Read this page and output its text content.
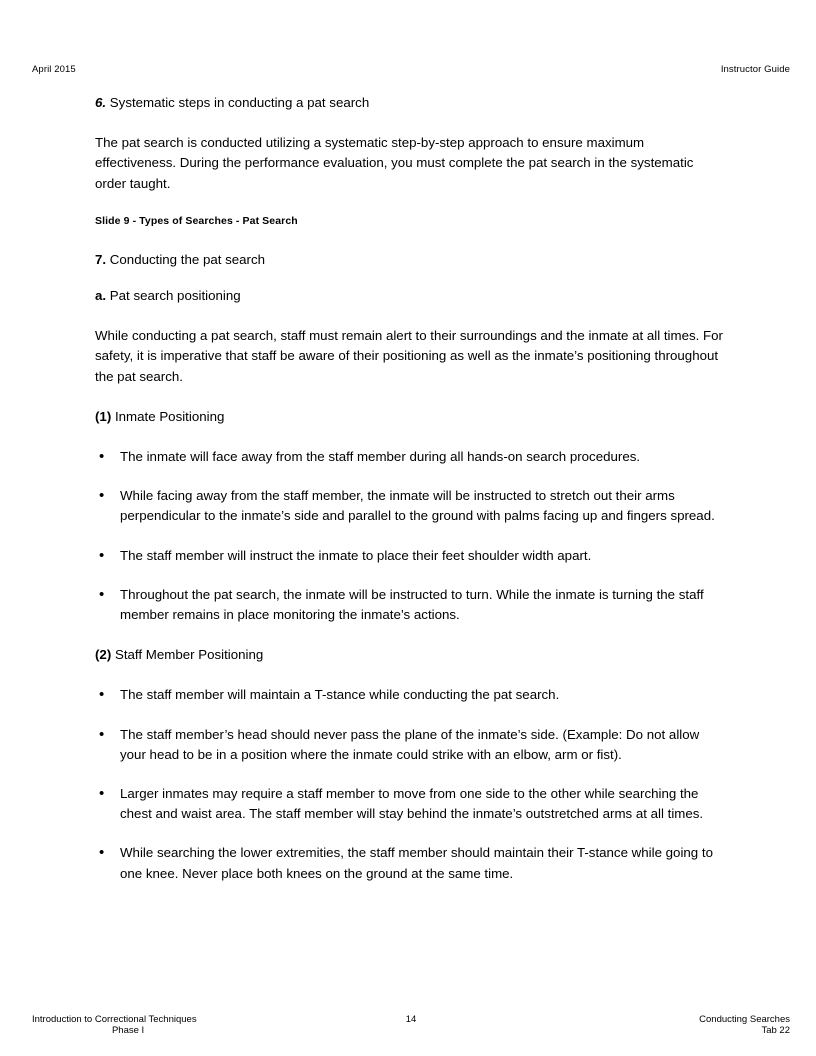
April 2015	Instructor Guide

6. Systematic steps in conducting a pat search

The pat search is conducted utilizing a systematic step-by-step approach to ensure maximum effectiveness. During the performance evaluation, you must complete the pat search in the systematic order taught.

Slide 9 - Types of Searches - Pat Search

7. Conducting the pat search

a. Pat search positioning

While conducting a pat search, staff must remain alert to their surroundings and the inmate at all times. For safety, it is imperative that staff be aware of their positioning as well as the inmate’s positioning throughout the pat search.

(1) Inmate Positioning

• The inmate will face away from the staff member during all hands-on search procedures.
• While facing away from the staff member, the inmate will be instructed to stretch out their arms perpendicular to the inmate’s side and parallel to the ground with palms facing up and fingers spread.
• The staff member will instruct the inmate to place their feet shoulder width apart.
• Throughout the pat search, the inmate will be instructed to turn. While the inmate is turning the staff member remains in place monitoring the inmate’s actions.

(2) Staff Member Positioning

• The staff member will maintain a T-stance while conducting the pat search.
• The staff member’s head should never pass the plane of the inmate’s side. (Example: Do not allow your head to be in a position where the inmate could strike with an elbow, arm or fist).
• Larger inmates may require a staff member to move from one side to the other while searching the chest and waist area. The staff member will stay behind the inmate’s outstretched arms at all times.
• While searching the lower extremities, the staff member should maintain their T-stance while going to one knee. Never place both knees on the ground at the same time.
Introduction to Correctional Techniques
Phase I
14	Conducting Searches
Tab 22
